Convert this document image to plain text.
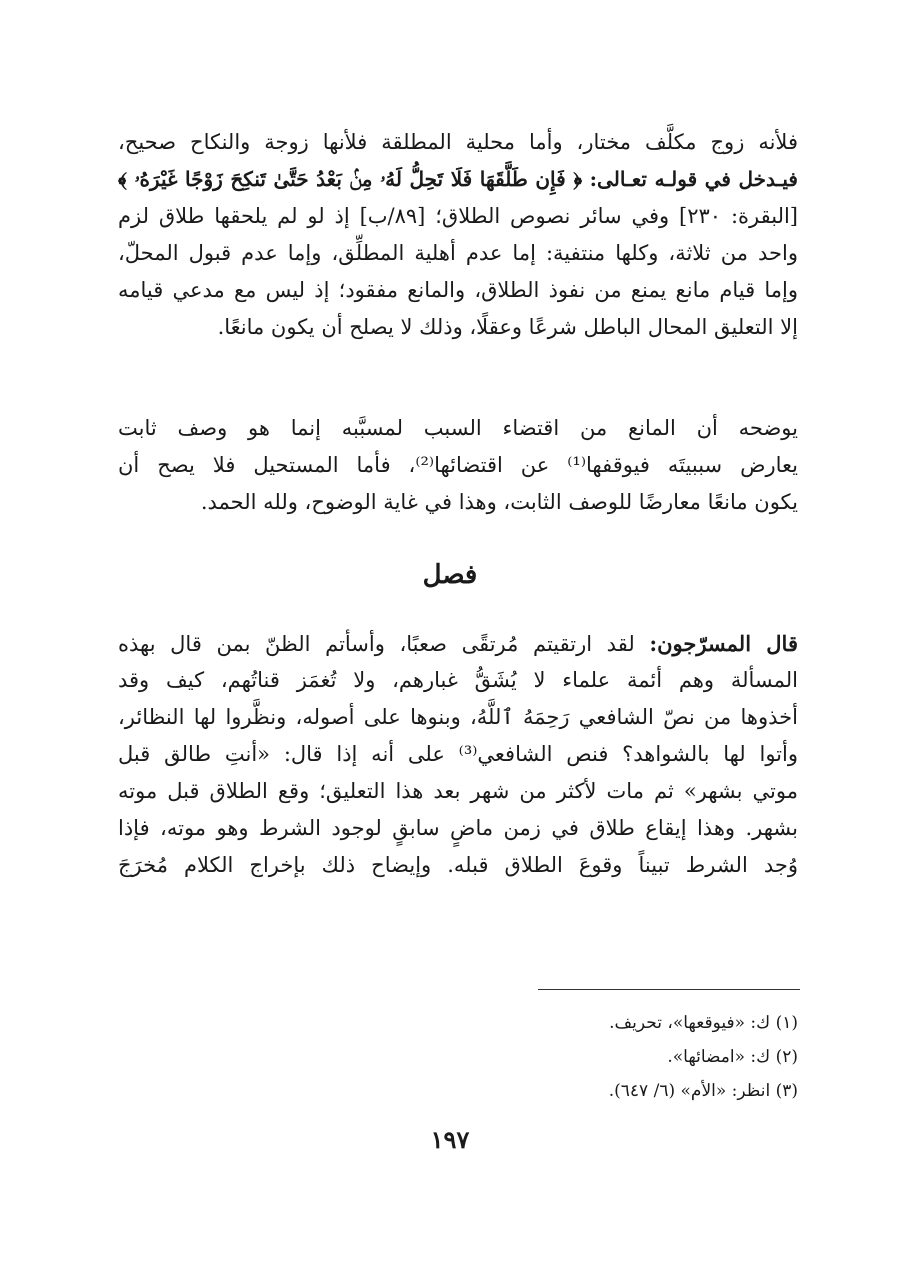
فلأنه زوج مكلَّف مختار، وأما محلية المطلقة فلأنها زوجة والنكاح صحيح،
فيـدخل في قولـه تعـالى: ﴿ فَإِن طَلَّقَهَا فَلَا تَحِلُّ لَهُۥ مِنۢ بَعْدُ حَتَّىٰ تَنكِحَ زَوْجًا غَيْرَهُۥ ﴾
[البقرة: ٢٣٠] وفي سائر نصوص الطلاق؛ [٨٩/ب] إذ لو لم يلحقها طلاق لزم
واحد من ثلاثة، وكلها منتفية: إما عدم أهلية المطلِّق، وإما عدم قبول المحلّ،
وإما قيام مانع يمنع من نفوذ الطلاق، والمانع مفقود؛ إذ ليس مع مدعي قيامه
إلا التعليق المحال الباطل شرعًا وعقلًا، وذلك لا يصلح أن يكون مانعًا.
يوضحه أن المانع من اقتضاء السبب لمسبَّبه إنما هو وصف ثابت
يعارض سببيتَه فيوقفها⁽¹⁾ عن اقتضائها⁽²⁾، فأما المستحيل فلا يصح أن
يكون مانعًا معارضًا للوصف الثابت، وهذا في غاية الوضوح، ولله الحمد.
فصل
قال المسرّجون: لقد ارتقيتم مُرتقًى صعبًا، وأسأتم الظنّ بمن قال بهذه
المسألة وهم أئمة علماء لا يُشَقُّ غبارهم، ولا تُغمَز قناتُهم، كيف وقد
أخذوها من نصّ الشافعي رَحِمَهُ ٱللَّهُ، وبنوها على أصوله، ونظَّروا لها النظائر،
وأتوا لها بالشواهد؟ فنص الشافعي⁽³⁾ على أنه إذا قال: «أنتِ طالق قبل
موتي بشهر» ثم مات لأكثر من شهر بعد هذا التعليق؛ وقع الطلاق قبل موته
بشهر. وهذا إيقاع طلاق في زمن ماضٍ سابقٍ لوجود الشرط وهو موته، فإذا
وُجد الشرط تبيناً وقوعَ الطلاق قبله. وإيضاح ذلك بإخراج الكلام مُخرَجَ
(١) ك: «فيوقعها»، تحريف.
(٢) ك: «امضائها».
(٣) انظر: «الأم» (٦/ ٦٤٧).
١٩٧
